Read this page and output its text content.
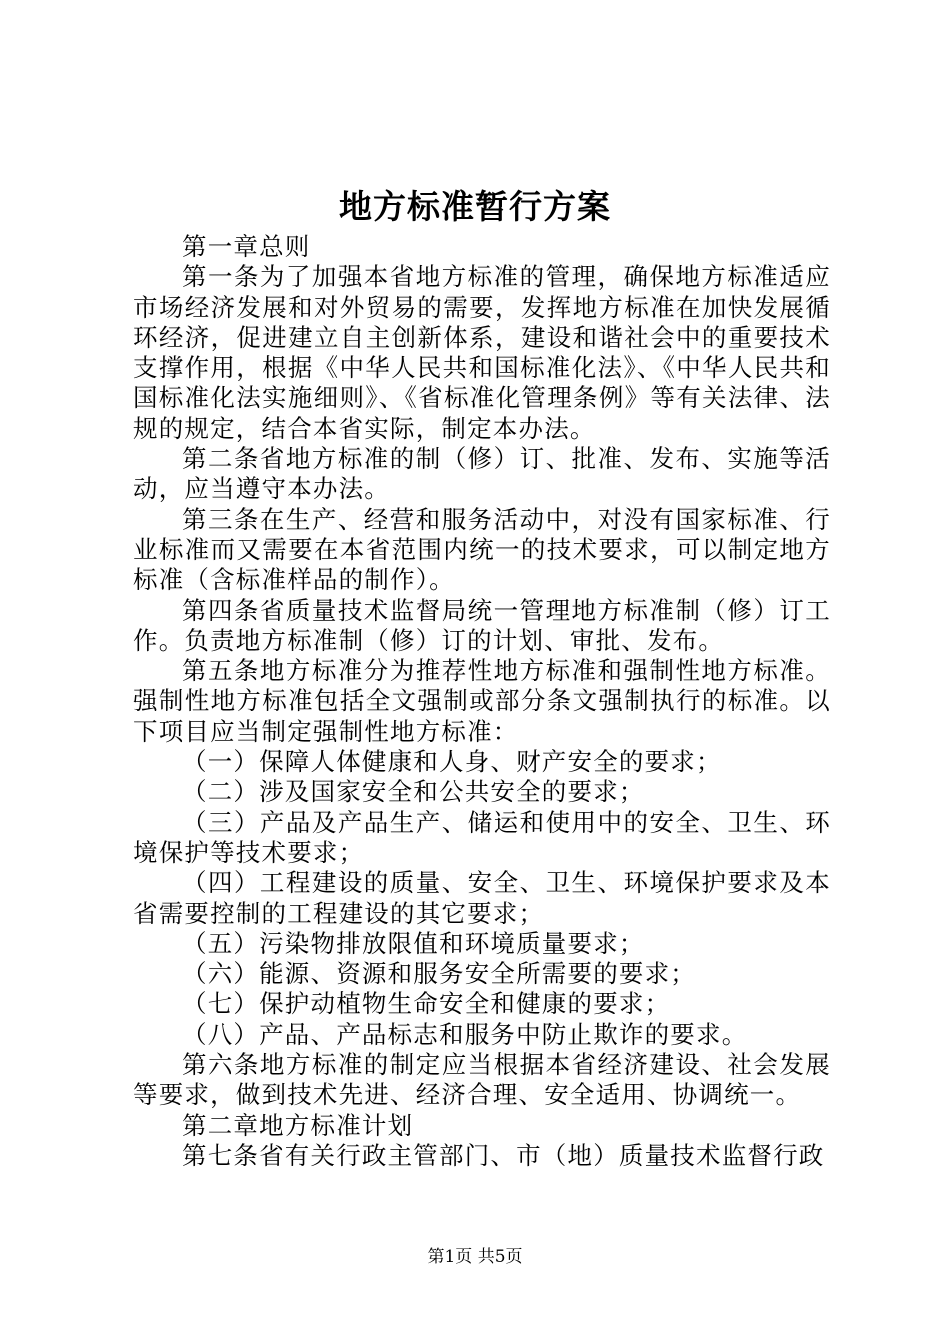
地方标准暂行方案

第一章总则

第一条为了加强本省地方标准的管理，确保地方标准适应市场经济发展和对外贸易的需要，发挥地方标准在加快发展循环经济，促进建立自主创新体系，建设和谐社会中的重要技术支撑作用，根据《中华人民共和国标准化法》、《中华人民共和国标准化法实施细则》、《省标准化管理条例》等有关法律、法规的规定，结合本省实际，制定本办法。

第二条省地方标准的制（修）订、批准、发布、实施等活动，应当遵守本办法。

第三条在生产、经营和服务活动中，对没有国家标准、行业标准而又需要在本省范围内统一的技术要求，可以制定地方标准（含标准样品的制作）。

第四条省质量技术监督局统一管理地方标准制（修）订工作。负责地方标准制（修）订的计划、审批、发布。

第五条地方标准分为推荐性地方标准和强制性地方标准。强制性地方标准包括全文强制或部分条文强制执行的标准。以下项目应当制定强制性地方标准：

（一）保障人体健康和人身、财产安全的要求；

（二）涉及国家安全和公共安全的要求；

（三）产品及产品生产、储运和使用中的安全、卫生、环境保护等技术要求；

（四）工程建设的质量、安全、卫生、环境保护要求及本省需要控制的工程建设的其它要求；

（五）污染物排放限值和环境质量要求；

（六）能源、资源和服务安全所需要的要求；

（七）保护动植物生命安全和健康的要求；

（八）产品、产品标志和服务中防止欺诈的要求。

第六条地方标准的制定应当根据本省经济建设、社会发展等要求，做到技术先进、经济合理、安全适用、协调统一。

第二章地方标准计划

第七条省有关行政主管部门、市（地）质量技术监督行政

第1页 共5页
